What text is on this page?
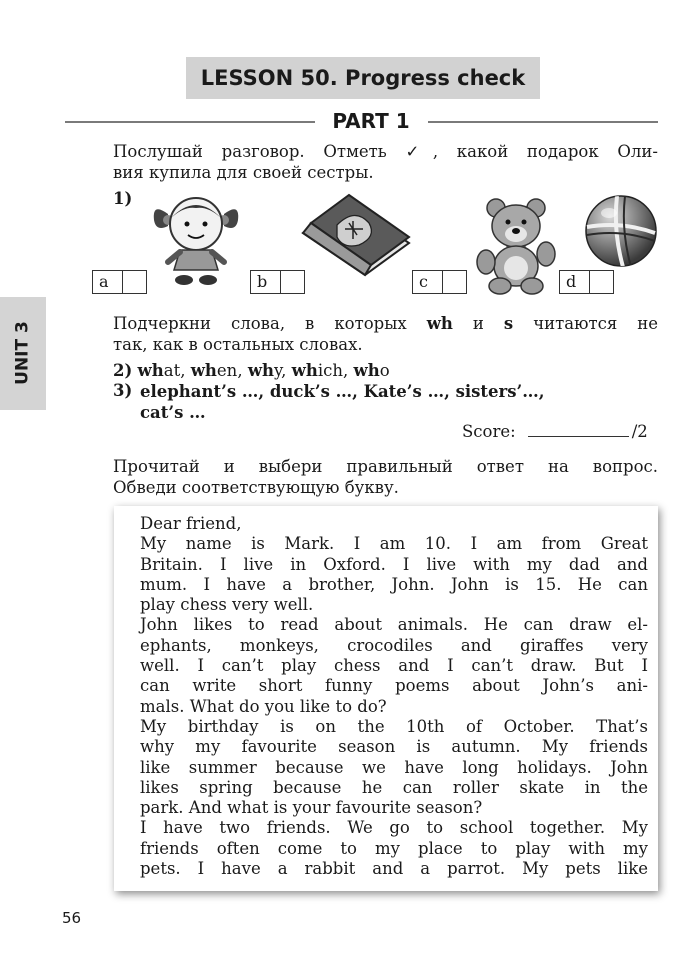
LESSON 50. Progress check
PART 1
UNIT 3
Послушай разговор. Отметь ✓, какой подарок Оли-
вия купила для своей сестры.
1)
a	b	c	d
Подчеркни слова, в которых wh и s читаются не
так, как в остальных словах.
2) what, when, why, which, who
3) elephant’s …, duck’s …, Kate’s …, sisters’…,
cat’s …
Score:	/2
Прочитай и выбери правильный ответ на вопрос.
Обведи соответствующую букву.
Dear friend,
My name is Mark. I am 10. I am from Great
Britain. I live in Oxford. I live with my dad and
mum. I have a brother, John. John is 15. He can
play chess very well.
John likes to read about animals. He can draw el-
ephants, monkeys, crocodiles and giraffes very
well. I can’t play chess and I can’t draw. But I
can write short funny poems about John’s ani-
mals. What do you like to do?
My birthday is on the 10th of October. That’s
why my favourite season is autumn. My friends
like summer because we have long holidays. John
likes spring because he can roller skate in the
park. And what is your favourite season?
I have two friends. We go to school together. My
friends often come to my place to play with my
pets. I have a rabbit and a parrot. My pets like
56
